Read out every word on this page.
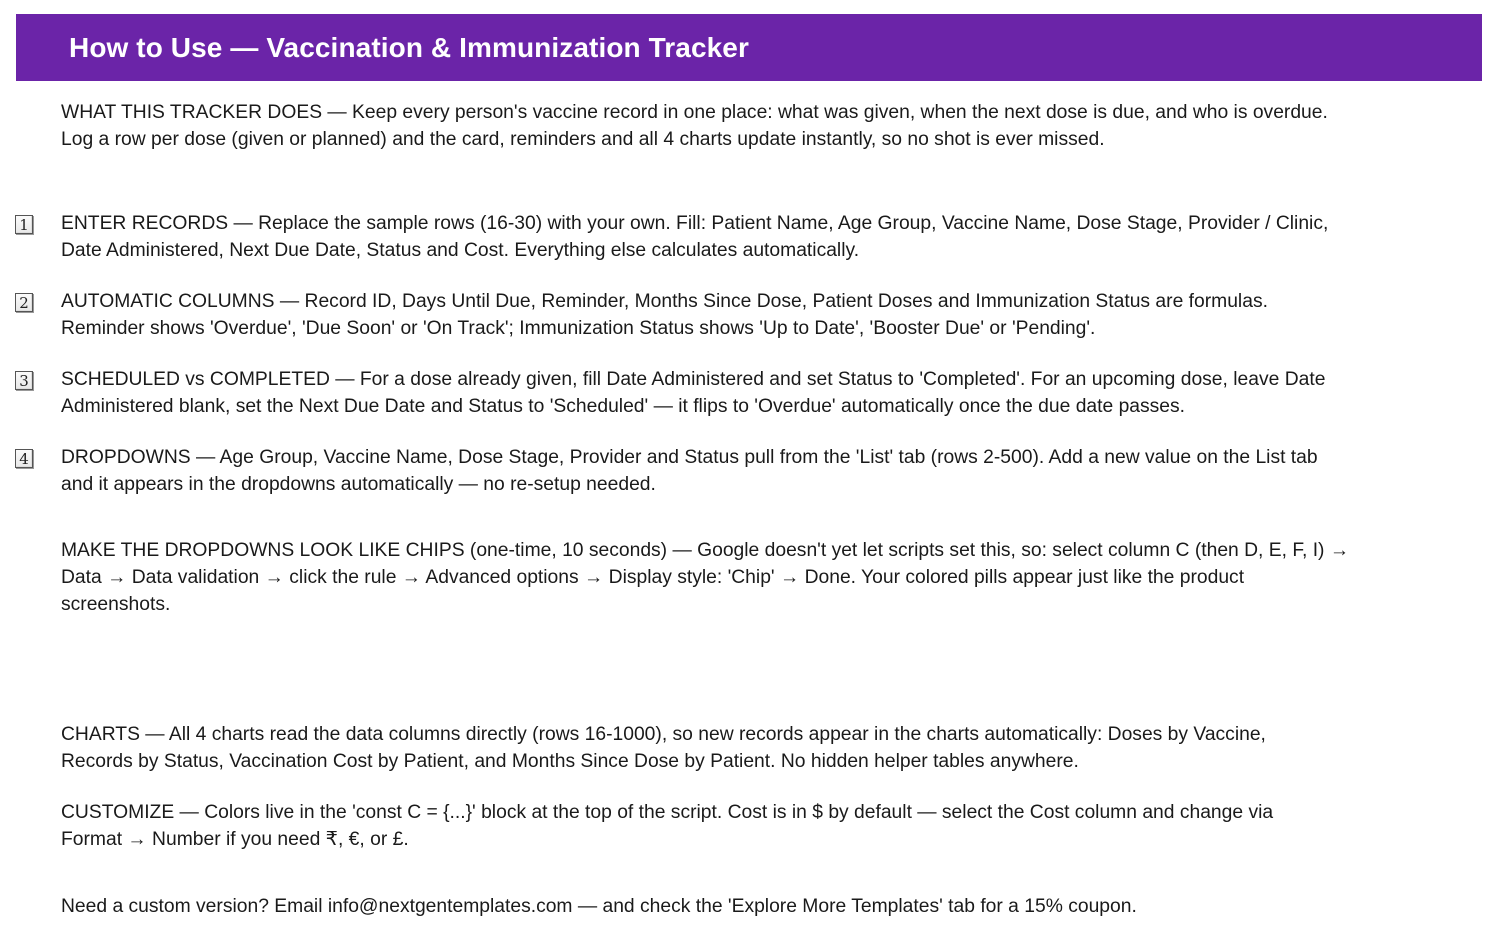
How to Use — Vaccination & Immunization Tracker
WHAT THIS TRACKER DOES — Keep every person's vaccine record in one place: what was given, when the next dose is due, and who is overdue.
Log a row per dose (given or planned) and the card, reminders and all 4 charts update instantly, so no shot is ever missed.
1 ENTER RECORDS — Replace the sample rows (16-30) with your own. Fill: Patient Name, Age Group, Vaccine Name, Dose Stage, Provider / Clinic,
Date Administered, Next Due Date, Status and Cost. Everything else calculates automatically.
2 AUTOMATIC COLUMNS — Record ID, Days Until Due, Reminder, Months Since Dose, Patient Doses and Immunization Status are formulas.
Reminder shows 'Overdue', 'Due Soon' or 'On Track'; Immunization Status shows 'Up to Date', 'Booster Due' or 'Pending'.
3 SCHEDULED vs COMPLETED — For a dose already given, fill Date Administered and set Status to 'Completed'. For an upcoming dose, leave Date
Administered blank, set the Next Due Date and Status to 'Scheduled' — it flips to 'Overdue' automatically once the due date passes.
4 DROPDOWNS — Age Group, Vaccine Name, Dose Stage, Provider and Status pull from the 'List' tab (rows 2-500). Add a new value on the List tab
and it appears in the dropdowns automatically — no re-setup needed.
MAKE THE DROPDOWNS LOOK LIKE CHIPS (one-time, 10 seconds) — Google doesn't yet let scripts set this, so: select column C (then D, E, F, I) →
Data → Data validation → click the rule → Advanced options → Display style: 'Chip' → Done. Your colored pills appear just like the product
screenshots.
CHARTS — All 4 charts read the data columns directly (rows 16-1000), so new records appear in the charts automatically: Doses by Vaccine,
Records by Status, Vaccination Cost by Patient, and Months Since Dose by Patient. No hidden helper tables anywhere.
CUSTOMIZE — Colors live in the 'const C = {...}' block at the top of the script. Cost is in $ by default — select the Cost column and change via
Format → Number if you need ₹, €, or £.
Need a custom version? Email info@nextgentemplates.com — and check the 'Explore More Templates' tab for a 15% coupon.
